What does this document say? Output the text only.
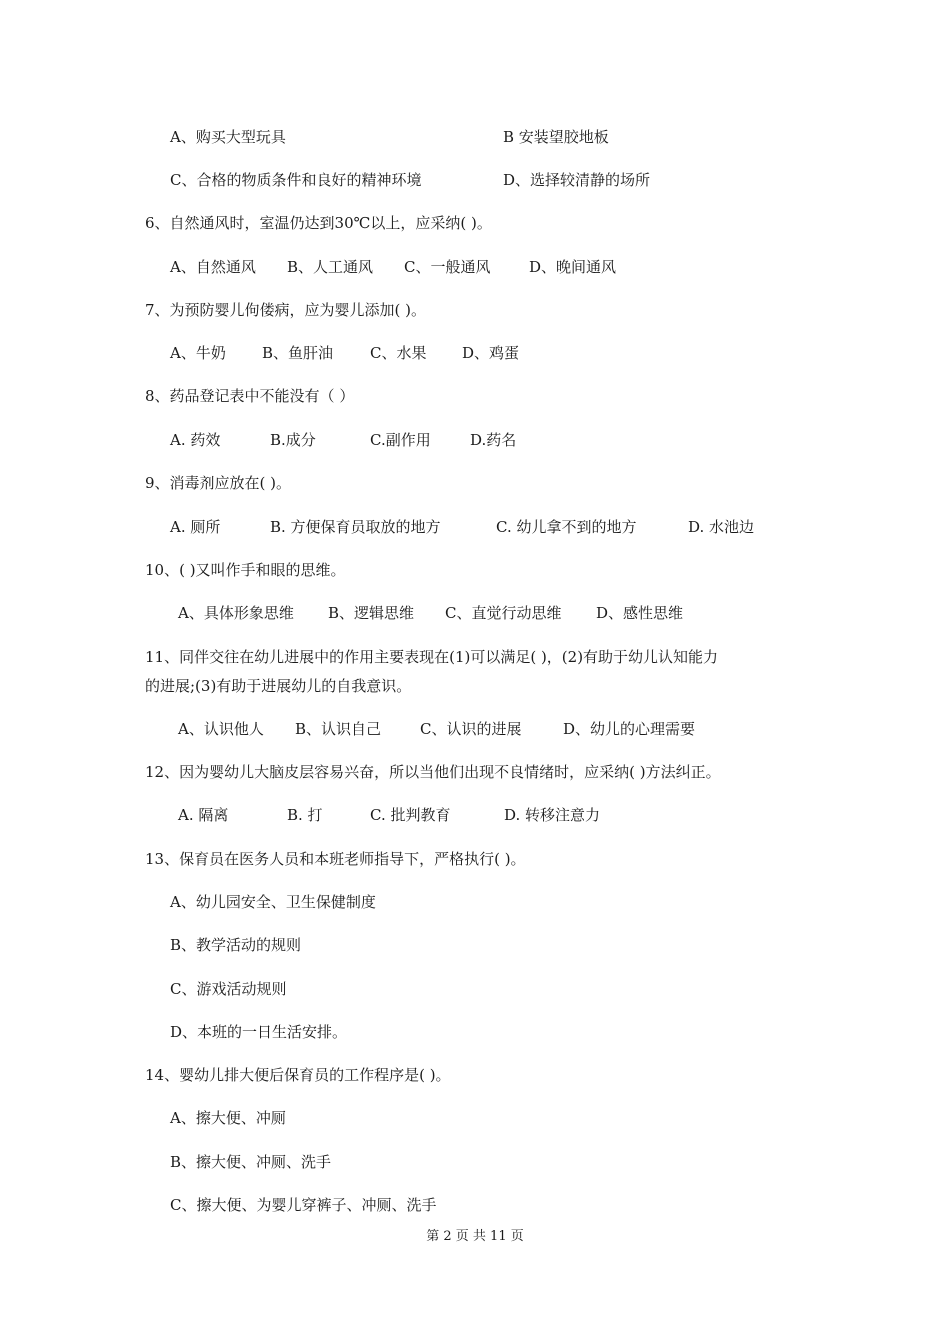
A、购买大型玩具	B 安装望胶地板
C、合格的物质条件和良好的精神环境	D、选择较清静的场所
6、自然通风时，室温仍达到30℃以上，应采纳( )。
A、自然通风 B、人工通风 C、一般通风	D、晚间通风
7、为预防婴儿佝偻病，应为婴儿添加( )。
A、牛奶 B、鱼肝油 C、水果 D、鸡蛋
8、药品登记表中不能没有（ ）
A. 药效	B.成分	C.副作用	D.药名
9、消毒剂应放在( )。
A. 厕所	B. 方便保育员取放的地方	C. 幼儿拿不到的地方	D. 水池边
10、( )又叫作手和眼的思维。
A、具体形象思维 B、逻辑思维 C、直觉行动思维 D、感性思维
11、同伴交往在幼儿进展中的作用主要表现在(1)可以满足( )，(2)有助于幼儿认知能力
的进展;(3)有助于进展幼儿的自我意识。
A、认识他人 B、认识自己	C、认识的进展	D、幼儿的心理需要
12、因为婴幼儿大脑皮层容易兴奋，所以当他们出现不良情绪时，应采纳( )方法纠正。
A. 隔离	B. 打	C. 批判教育	D. 转移注意力
13、保育员在医务人员和本班老师指导下，严格执行( )。
A、幼儿园安全、卫生保健制度
B、教学活动的规则
C、游戏活动规则
D、本班的一日生活安排。
14、婴幼儿排大便后保育员的工作程序是( )。
A、擦大便、冲厕
B、擦大便、冲厕、洗手
C、擦大便、为婴儿穿裤子、冲厕、洗手
第 2 页 共 11 页
